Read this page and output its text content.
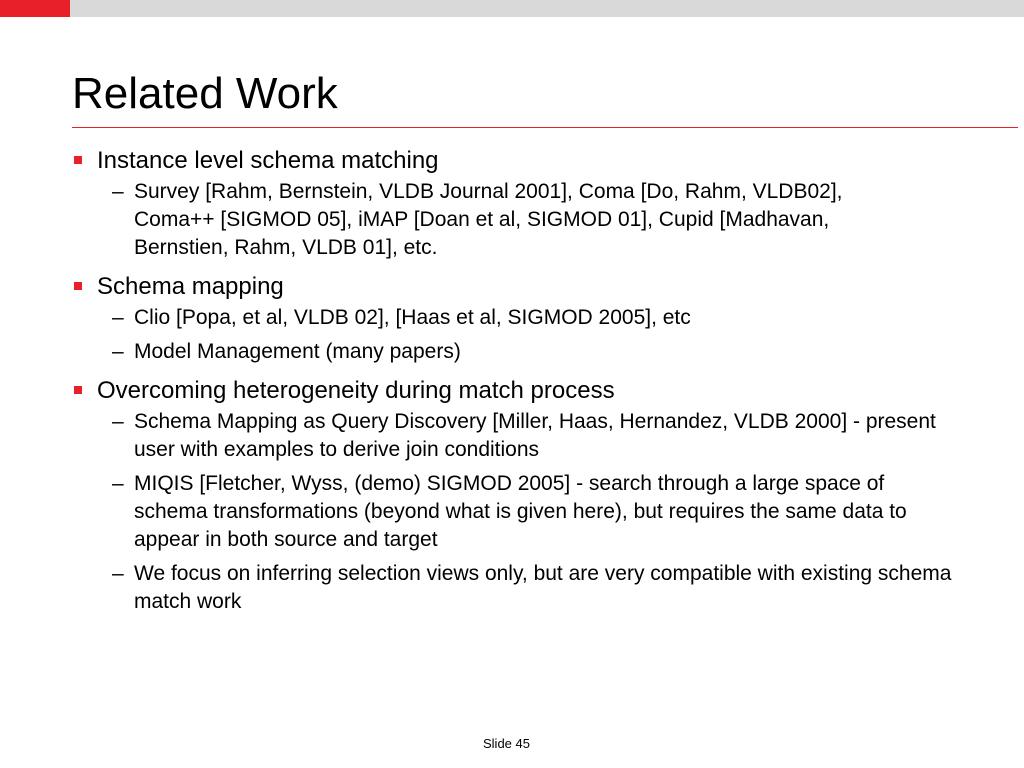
Related Work
Instance level schema matching
– Survey [Rahm, Bernstein, VLDB Journal 2001], Coma [Do, Rahm, VLDB02], Coma++ [SIGMOD 05], iMAP [Doan et al, SIGMOD 01], Cupid [Madhavan, Bernstien, Rahm, VLDB 01], etc.
Schema mapping
– Clio [Popa, et al, VLDB 02], [Haas et al, SIGMOD 2005], etc
– Model Management (many papers)
Overcoming heterogeneity during match process
– Schema Mapping as Query Discovery [Miller, Haas, Hernandez, VLDB 2000] - present user with examples to derive join conditions
– MIQIS [Fletcher, Wyss, (demo) SIGMOD 2005] - search through a large space of schema transformations (beyond what is given here), but requires the same data to appear in both source and target
– We focus on inferring selection views only, but are very compatible with existing schema match work
Slide 45
